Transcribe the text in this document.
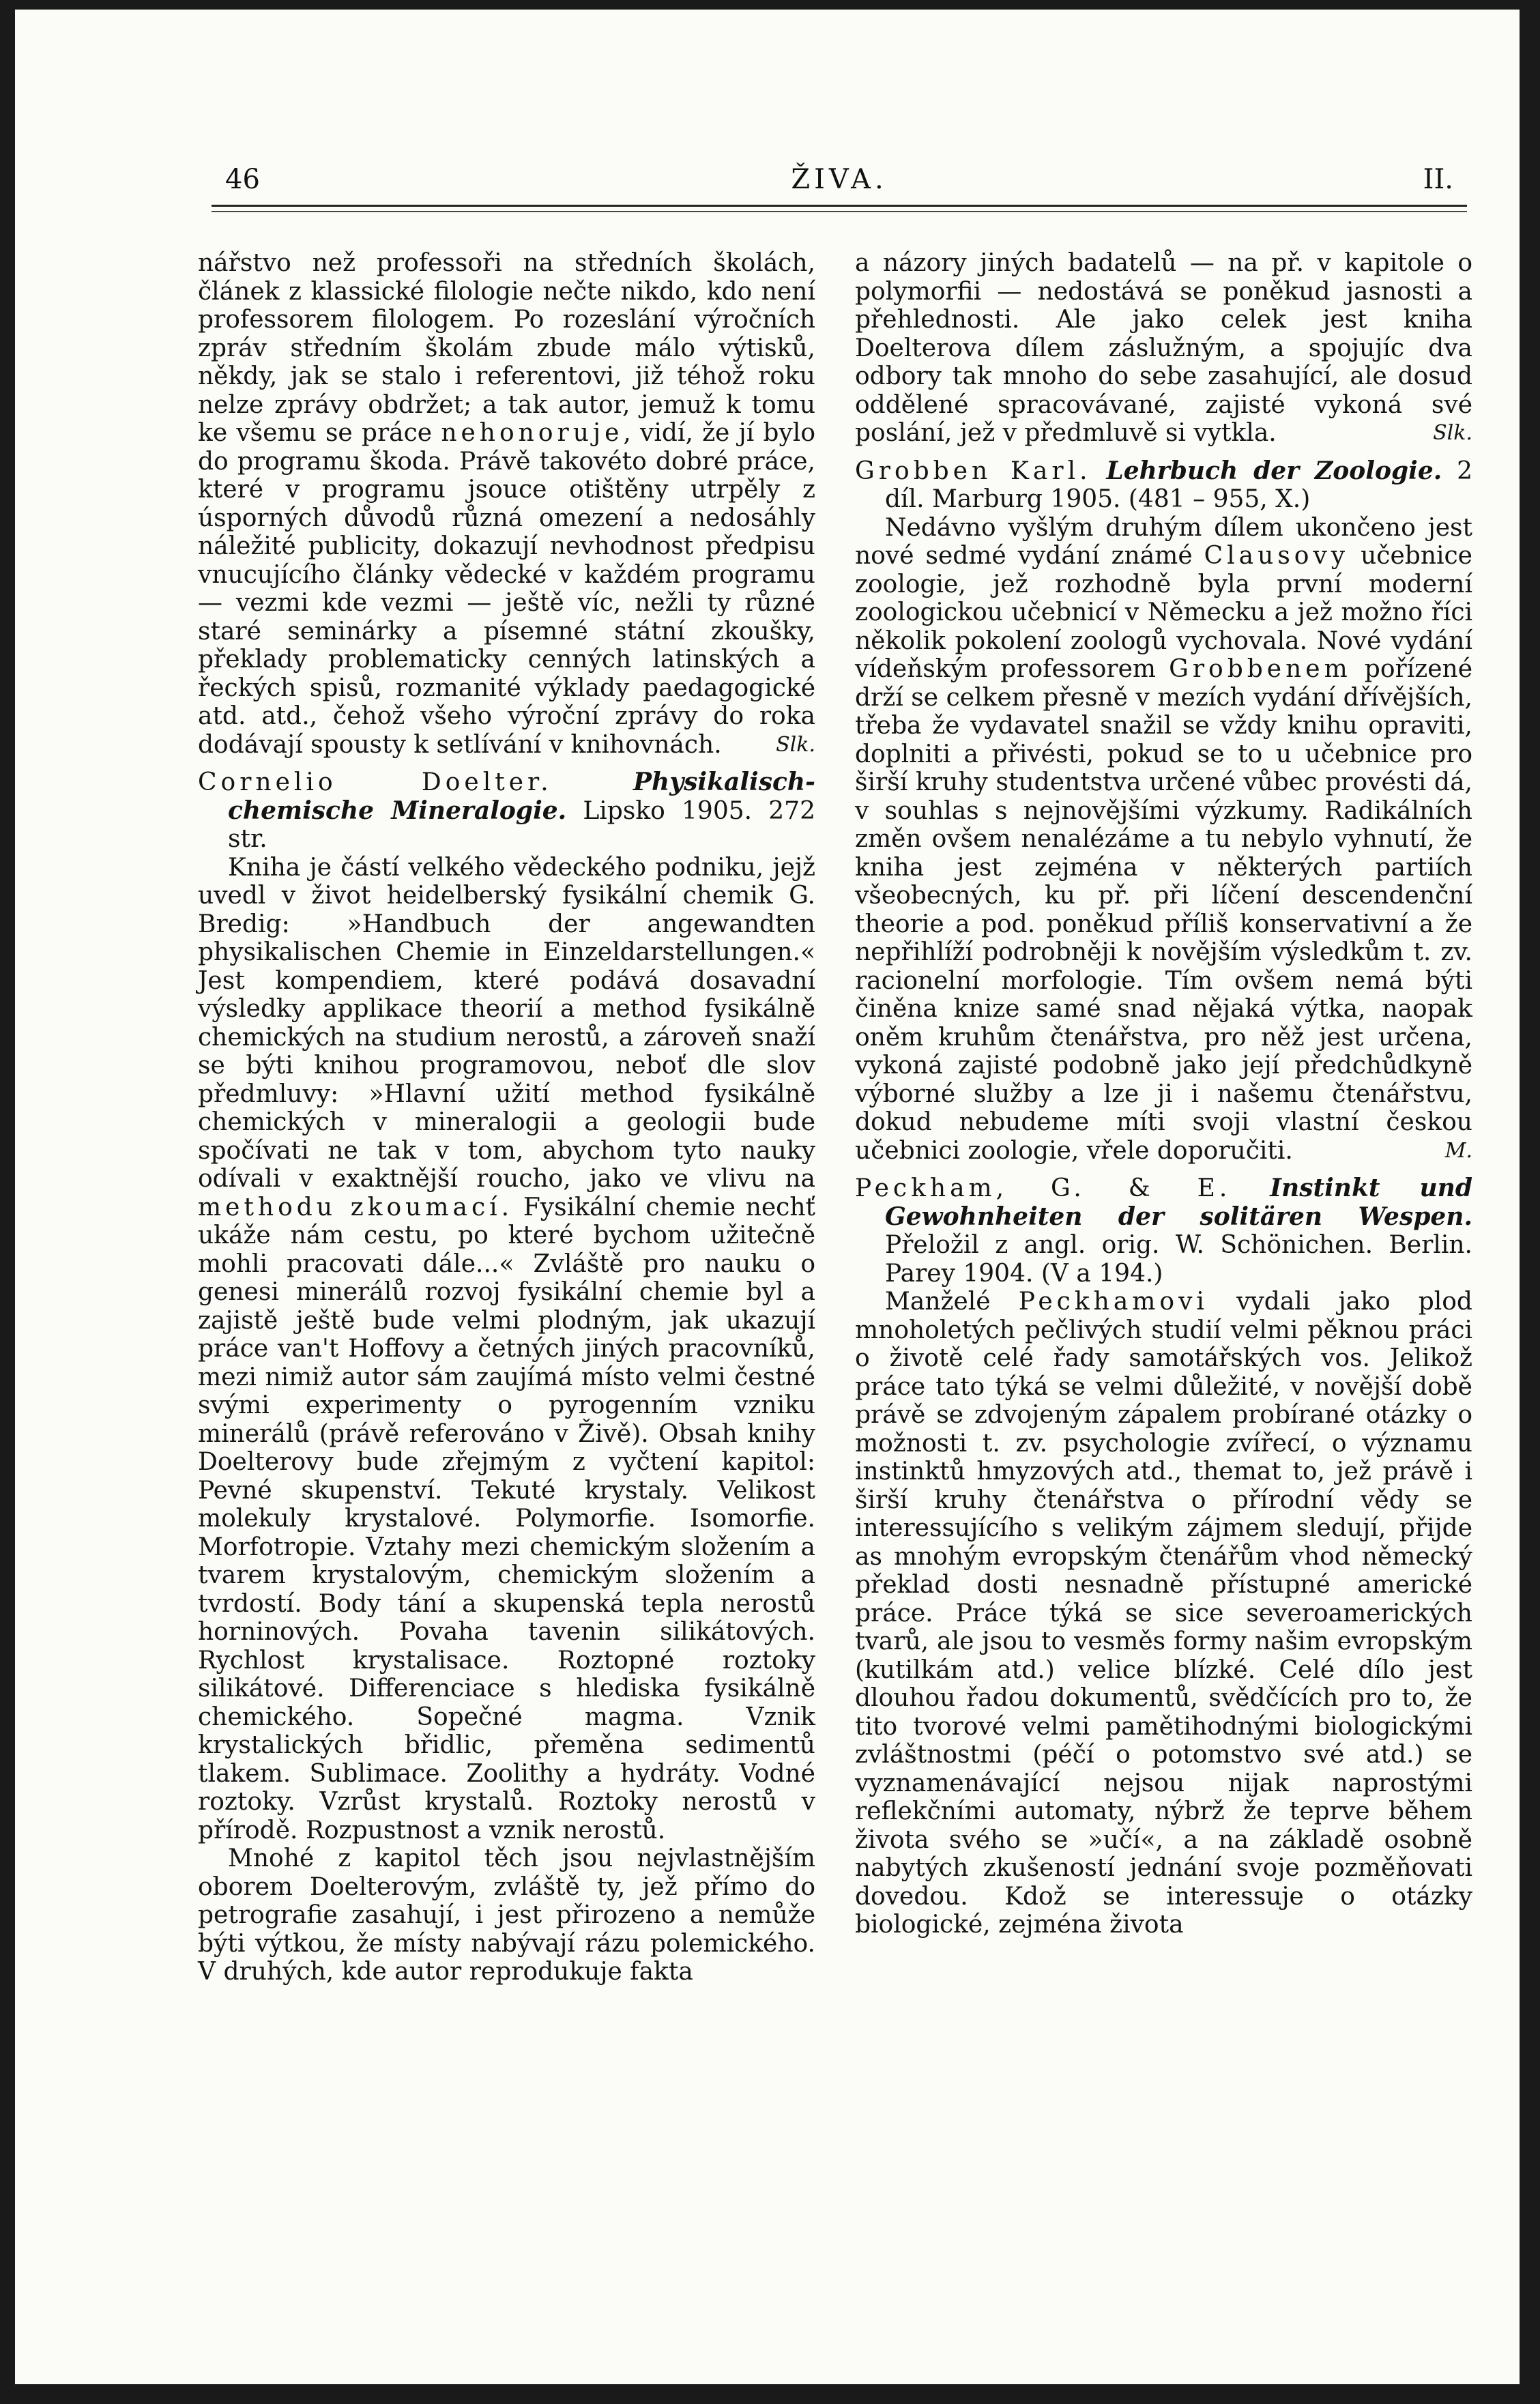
46	ŽIVA.	II.

nářstvo než professoři na středních školách, článek z klassické filologie nečte nikdo, kdo není professorem filologem. Po rozeslání výročních zpráv středním školám zbude málo výtisků, někdy, jak se stalo i referentovi, již téhož roku nelze zprávy obdržet; a tak autor, jemuž k tomu ke všemu se práce nehonoruje, vidí, že jí bylo do programu škoda. Právě takovéto dobré práce, které v programu jsouce otištěny utrpěly z úsporných důvodů různá omezení a nedosáhly náležité publicity, dokazují nevhodnost předpisu vnucujícího články vědecké v každém programu — vezmi kde vezmi — ještě víc, nežli ty různé staré seminárky a písemné státní zkoušky, překlady problematicky cenných latinských a řeckých spisů, rozmanité výklady paedagogické atd. atd., čehož všeho výroční zprávy do roka dodávají spousty k setlívání v knihovnách.	Slk.

Cornelio Doelter.	Physikalisch-chemische Mineralogie. Lipsko 1905. 272 str.

Kniha je částí velkého vědeckého podniku, jejž uvedl v život heidelberský fysikální chemik G. Bredig: »Handbuch der angewandten physikalischen Chemie in Einzeldarstellungen.« Jest kompendiem, které podává dosavadní výsledky applikace theorií a method fysikálně chemických na studium nerostů, a zároveň snaží se býti knihou programovou, neboť dle slov předmluvy: »Hlavní užití method fysikálně chemických v mineralogii a geologii bude spočívati ne tak v tom, abychom tyto nauky odívali v exaktnější roucho, jako ve vlivu na methodu zkoumací. Fysikální chemie nechť ukáže nám cestu, po které bychom užitečně mohli pracovati dále...« Zvláště pro nauku o genesi minerálů rozvoj fysikální chemie byl a zajistě ještě bude velmi plodným, jak ukazují práce van't Hoffovy a četných jiných pracovníků, mezi nimiž autor sám zaujímá místo velmi čestné svými experimenty o pyrogenním vzniku minerálů (právě referováno v Živě). Obsah knihy Doelterovy bude zřejmým z vyčtení kapitol: Pevné skupenství. Tekuté krystaly. Velikost molekuly krystalové. Polymorfie. Isomorfie. Morfotropie. Vztahy mezi chemickým složením a tvarem krystalovým, chemickým složením a tvrdostí. Body tání a skupenská tepla nerostů horninových. Povaha tavenin silikátových. Rychlost krystalisace. Roztopné roztoky silikátové. Differenciace s hlediska fysikálně chemického. Sopečné magma. Vznik krystalických břidlic, přeměna sedimentů tlakem. Sublimace. Zoolithy a hydráty. Vodné roztoky. Vzrůst krystalů. Roztoky nerostů v přírodě. Rozpustnost a vznik nerostů.

Mnohé z kapitol těch jsou nejvlastnějším oborem Doelterovým, zvláště ty, jež přímo do petrografie zasahují, i jest přirozeno a nemůže býti výtkou, že místy nabývají rázu polemického. V druhých, kde autor reprodukuje fakta

a názory jiných badatelů — na př. v kapitole o polymorfii — nedostává se poněkud jasnosti a přehlednosti. Ale jako celek jest kniha Doelterova dílem záslužným, a spojujíc dva odbory tak mnoho do sebe zasahující, ale dosud oddělené spracovávané, zajisté vykoná své poslání, jež v předmluvě si vytkla.	Slk.

Grobben Karl. Lehrbuch der Zoologie. 2 díl. Marburg 1905. (481 – 955, X.)

Nedávno vyšlým druhým dílem ukončeno jest nové sedmé vydání známé Clausovy učebnice zoologie, jež rozhodně byla první moderní zoologickou učebnicí v Německu a jež možno říci několik pokolení zoologů vychovala. Nové vydání vídeňským professorem Grobbenem pořízené drží se celkem přesně v mezích vydání dřívějších, třeba že vydavatel snažil se vždy knihu opraviti, doplniti a přivésti, pokud se to u učebnice pro širší kruhy studentstva určené vůbec provésti dá, v souhlas s nejnovějšími výzkumy. Radikálních změn ovšem nenalézáme a tu nebylo vyhnutí, že kniha jest zejména v některých partiích všeobecných, ku př. při líčení descendenční theorie a pod. poněkud příliš konservativní a že nepřihlíží podrobněji k novějším výsledkům t. zv. racionelní morfologie. Tím ovšem nemá býti činěna knize samé snad nějaká výtka, naopak oněm kruhům čtenářstva, pro něž jest určena, vykoná zajisté podobně jako její předchůdkyně výborné služby a lze ji i našemu čtenářstvu, dokud nebudeme míti svoji vlastní českou učebnici zoologie, vřele doporučiti.	M.

Peckham, G. & E. Instinkt und Gewohnheiten der solitären Wespen. Přeložil z angl. orig. W. Schönichen. Berlin. Parey 1904. (V a 194.)

Manželé Peckhamovi vydali jako plod mnoholetých pečlivých studií velmi pěknou práci o životě celé řady samotářských vos. Jelikož práce tato týká se velmi důležité, v novější době právě se zdvojeným zápalem probírané otázky o možnosti t. zv. psychologie zvířecí, o významu instinktů hmyzových atd., themat to, jež právě i širší kruhy čtenářstva o přírodní vědy se interessujícího s velikým zájmem sledují, přijde as mnohým evropským čtenářům vhod německý překlad dosti nesnadně přístupné americké práce. Práce týká se sice severoamerických tvarů, ale jsou to vesměs formy našim evropským (kutilkám atd.) velice blízké. Celé dílo jest dlouhou řadou dokumentů, svědčících pro to, že tito tvorové velmi pamětihodnými biologickými zvláštnostmi (péčí o potomstvo své atd.) se vyznamenávající nejsou nijak naprostými reflekčními automaty, nýbrž že teprve během života svého se »učí«, a na základě osobně nabytých zkušeností jednání svoje pozměňovati dovedou. Kdož se interessuje o otázky biologické, zejména života
